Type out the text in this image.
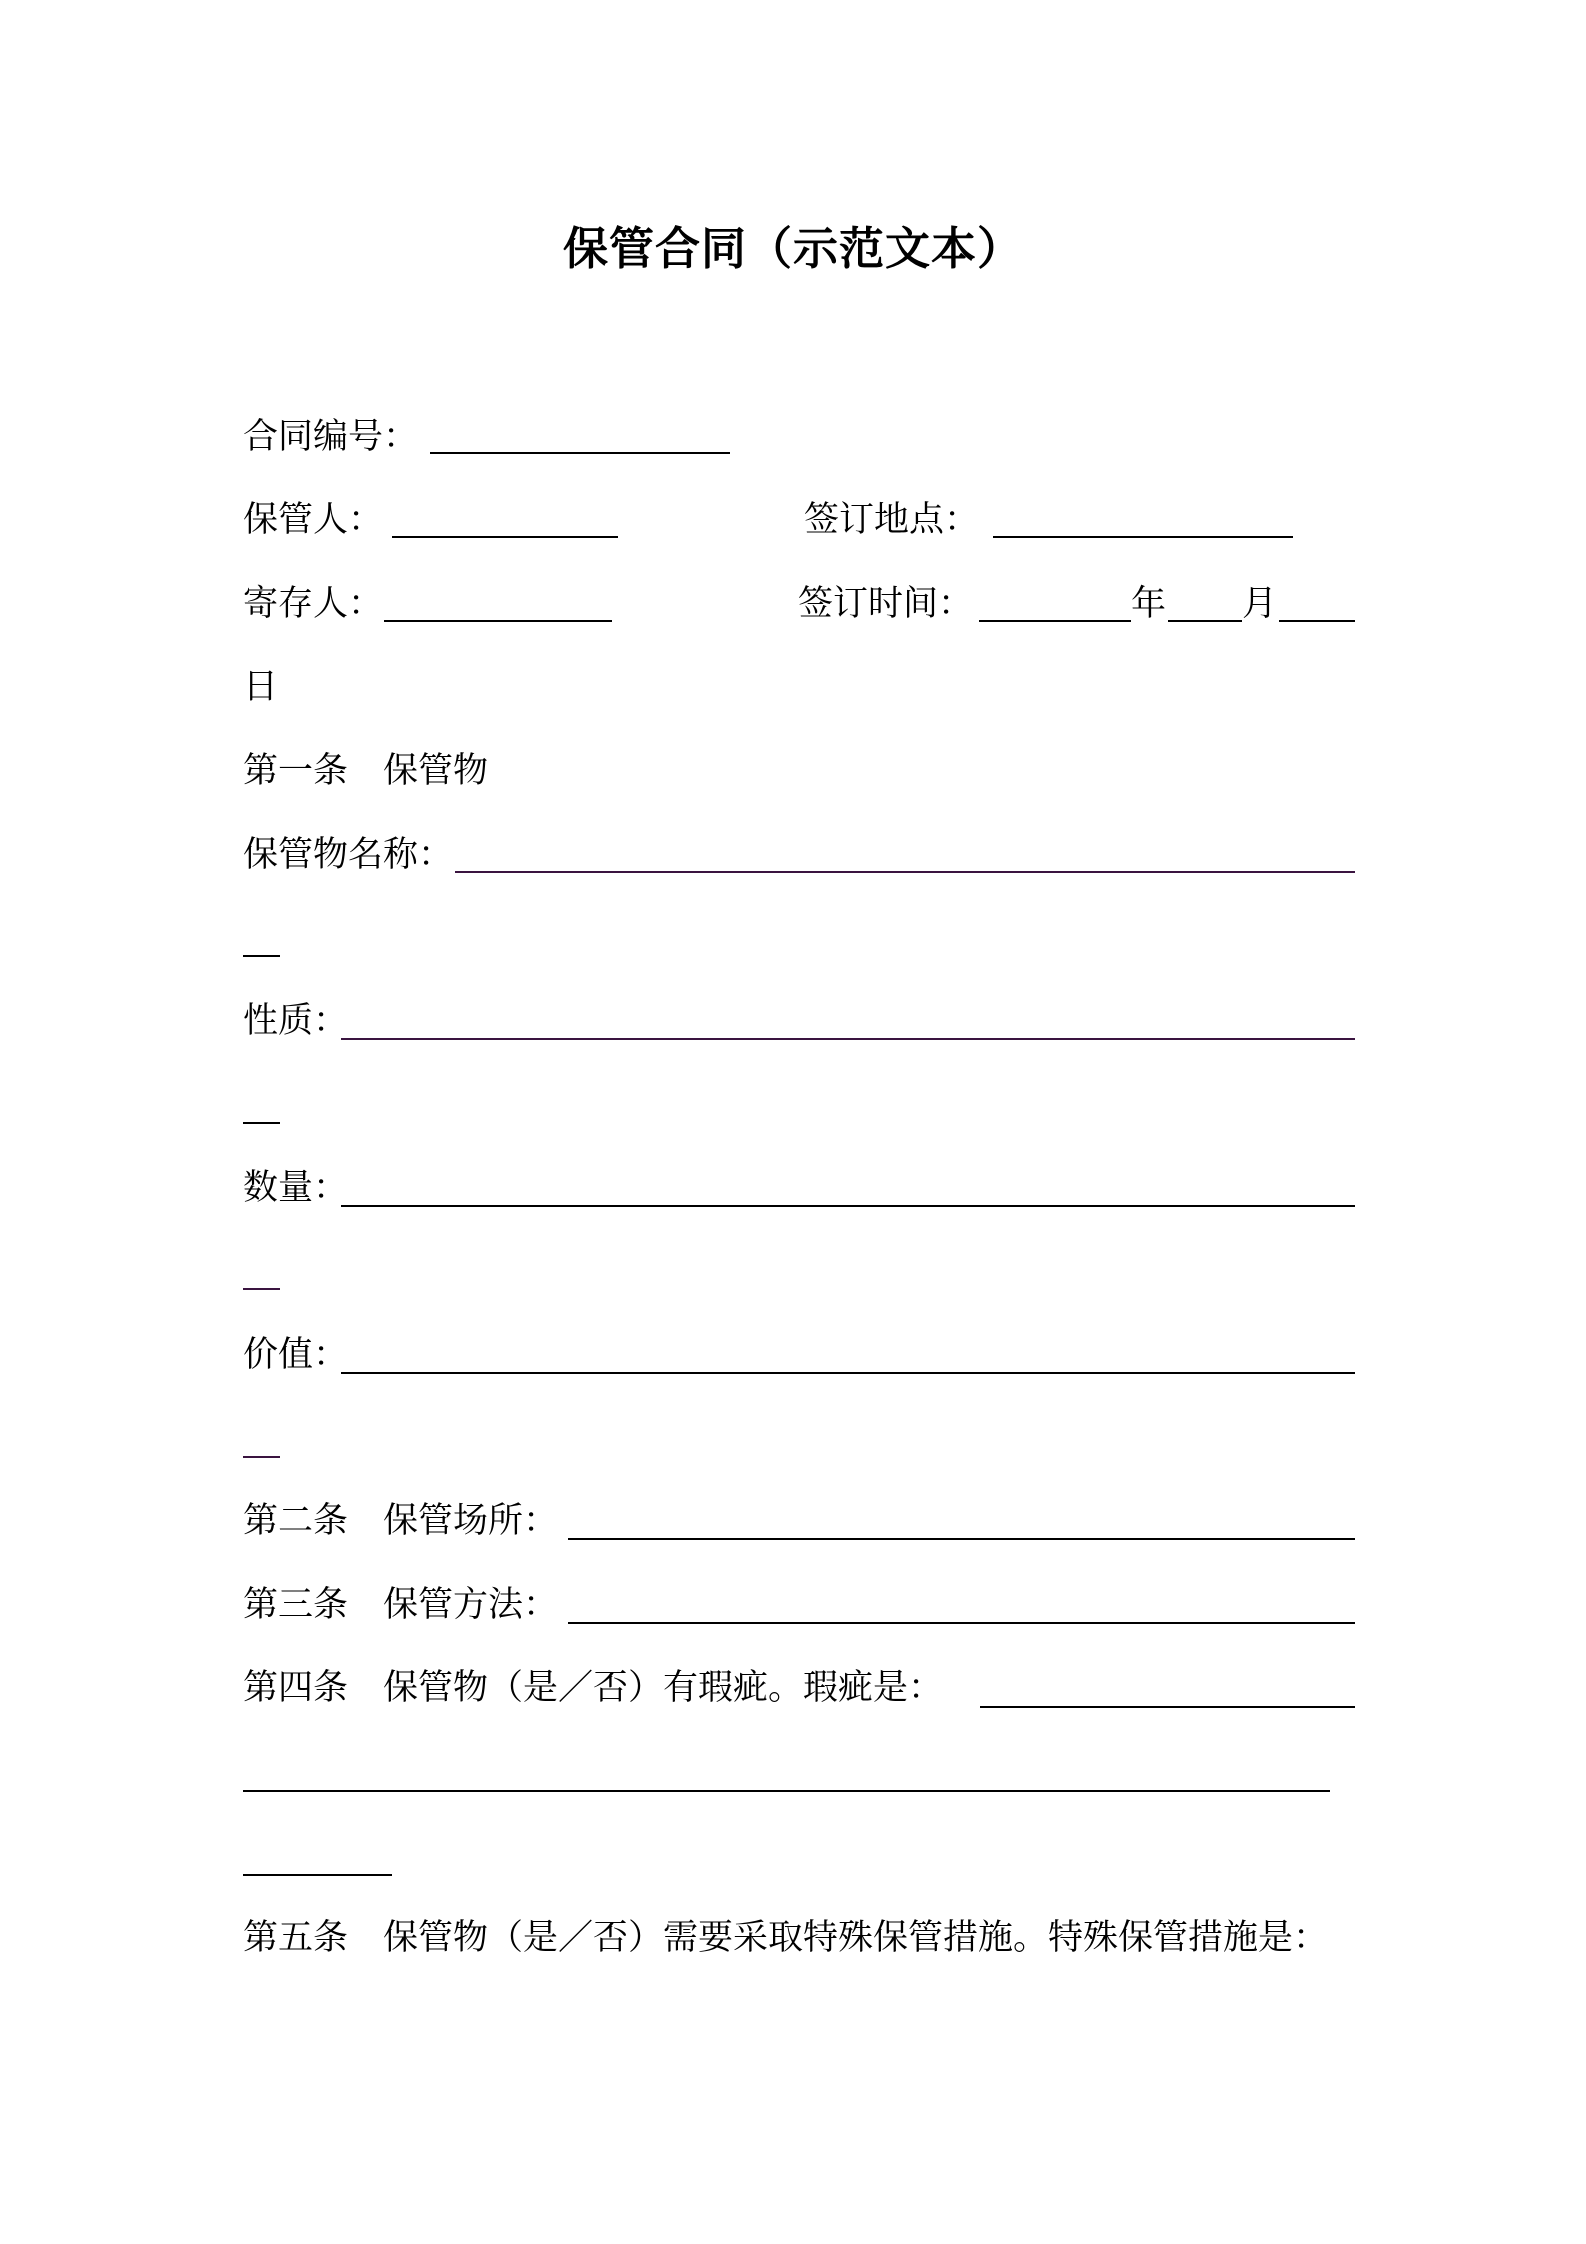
保管合同（示范文本）
合同编号：
保管人：	签订地点：
寄存人：	签订时间：	年 月
日
第一条　保管物
保管物名称：
性质：
数量：
价值：
第二条　保管场所：
第三条　保管方法：
第四条　保管物（是／否）有瑕疵。瑕疵是：
第五条　保管物（是／否）需要采取特殊保管措施。特殊保管措施是：
